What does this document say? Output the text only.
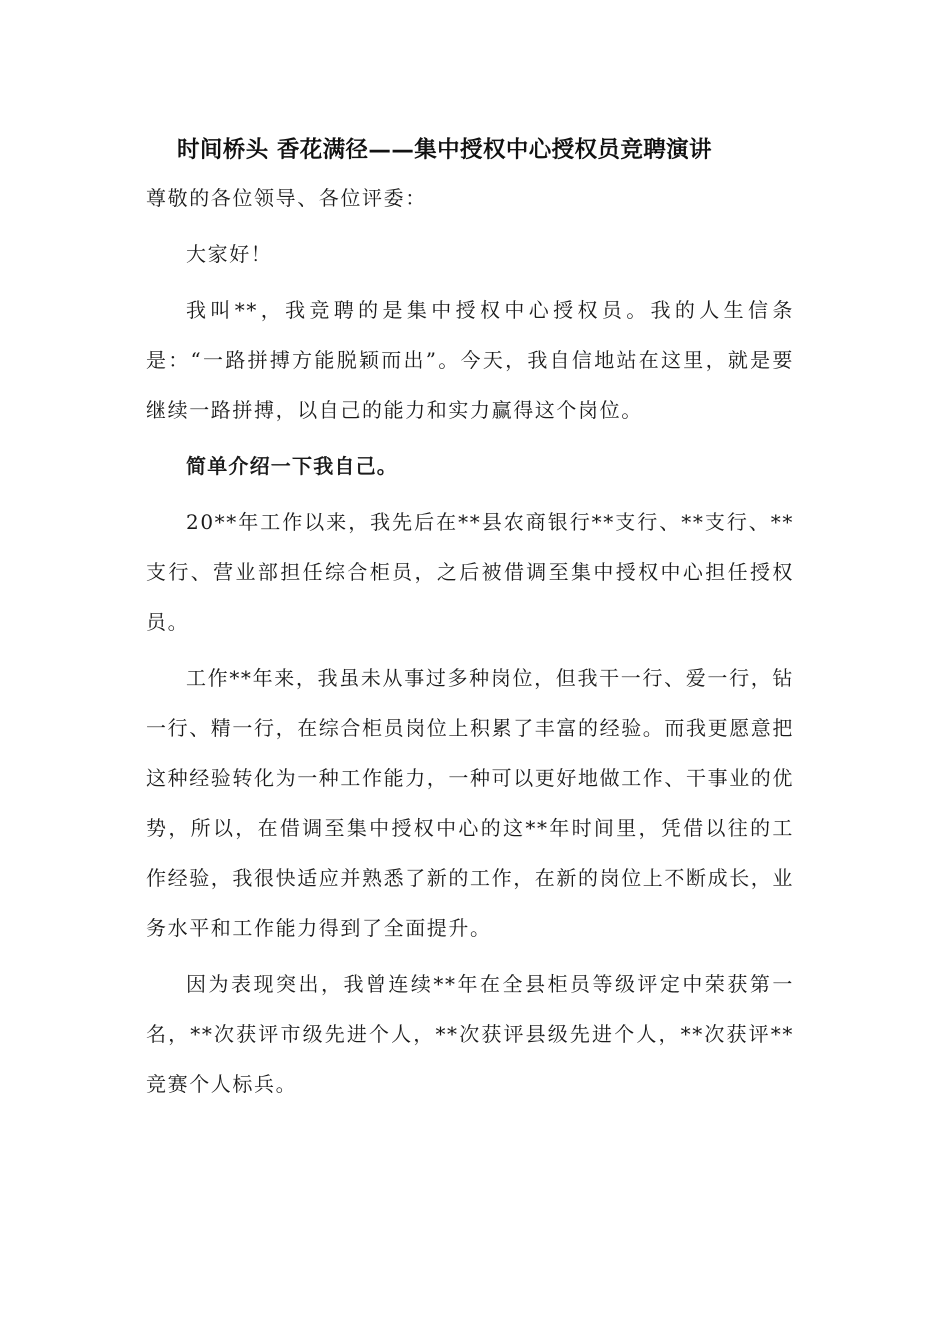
时间桥头 香花满径——集中授权中心授权员竞聘演讲

尊敬的各位领导、各位评委：

大家好！

我叫**，我竞聘的是集中授权中心授权员。我的人生信条是：“一路拼搏方能脱颖而出”。今天，我自信地站在这里，就是要继续一路拼搏，以自己的能力和实力赢得这个岗位。

简单介绍一下我自己。

20**年工作以来，我先后在**县农商银行**支行、**支行、**支行、营业部担任综合柜员，之后被借调至集中授权中心担任授权员。

工作**年来，我虽未从事过多种岗位，但我干一行、爱一行，钻一行、精一行，在综合柜员岗位上积累了丰富的经验。而我更愿意把这种经验转化为一种工作能力，一种可以更好地做工作、干事业的优势，所以，在借调至集中授权中心的这**年时间里，凭借以往的工作经验，我很快适应并熟悉了新的工作，在新的岗位上不断成长，业务水平和工作能力得到了全面提升。

因为表现突出，我曾连续**年在全县柜员等级评定中荣获第一名，**次获评市级先进个人，**次获评县级先进个人，**次获评**竞赛个人标兵。
